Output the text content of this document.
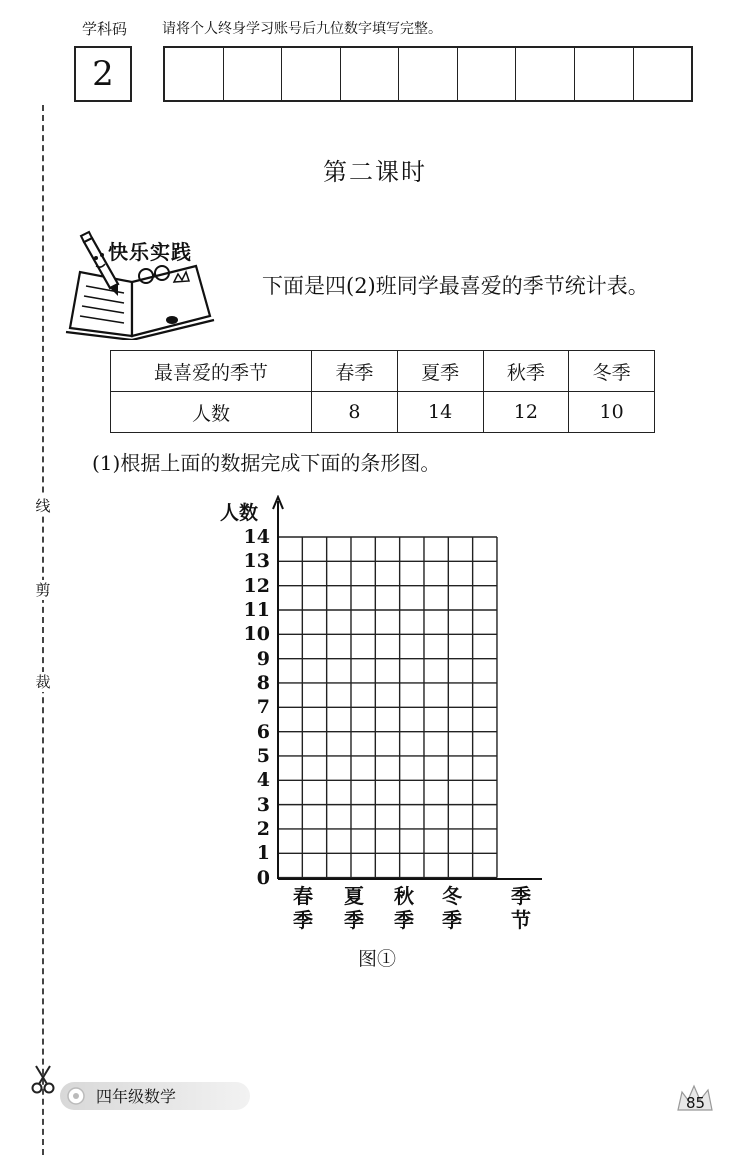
学科码 请将个人终身学习账号后九位数字填写完整。
2
线
剪
裁
第二课时
快乐实践
下面是四(2)班同学最喜爱的季节统计表。
最喜爱的季节	春季	夏季	秋季	冬季
人数	8	14	12	10
(1)根据上面的数据完成下面的条形图。
人数
0
1
2
3
4
5
6
7
8
9
10
11
12
13
14
春
季
夏
季
秋
季
冬
季
季
节
图①
四年级数学	85
